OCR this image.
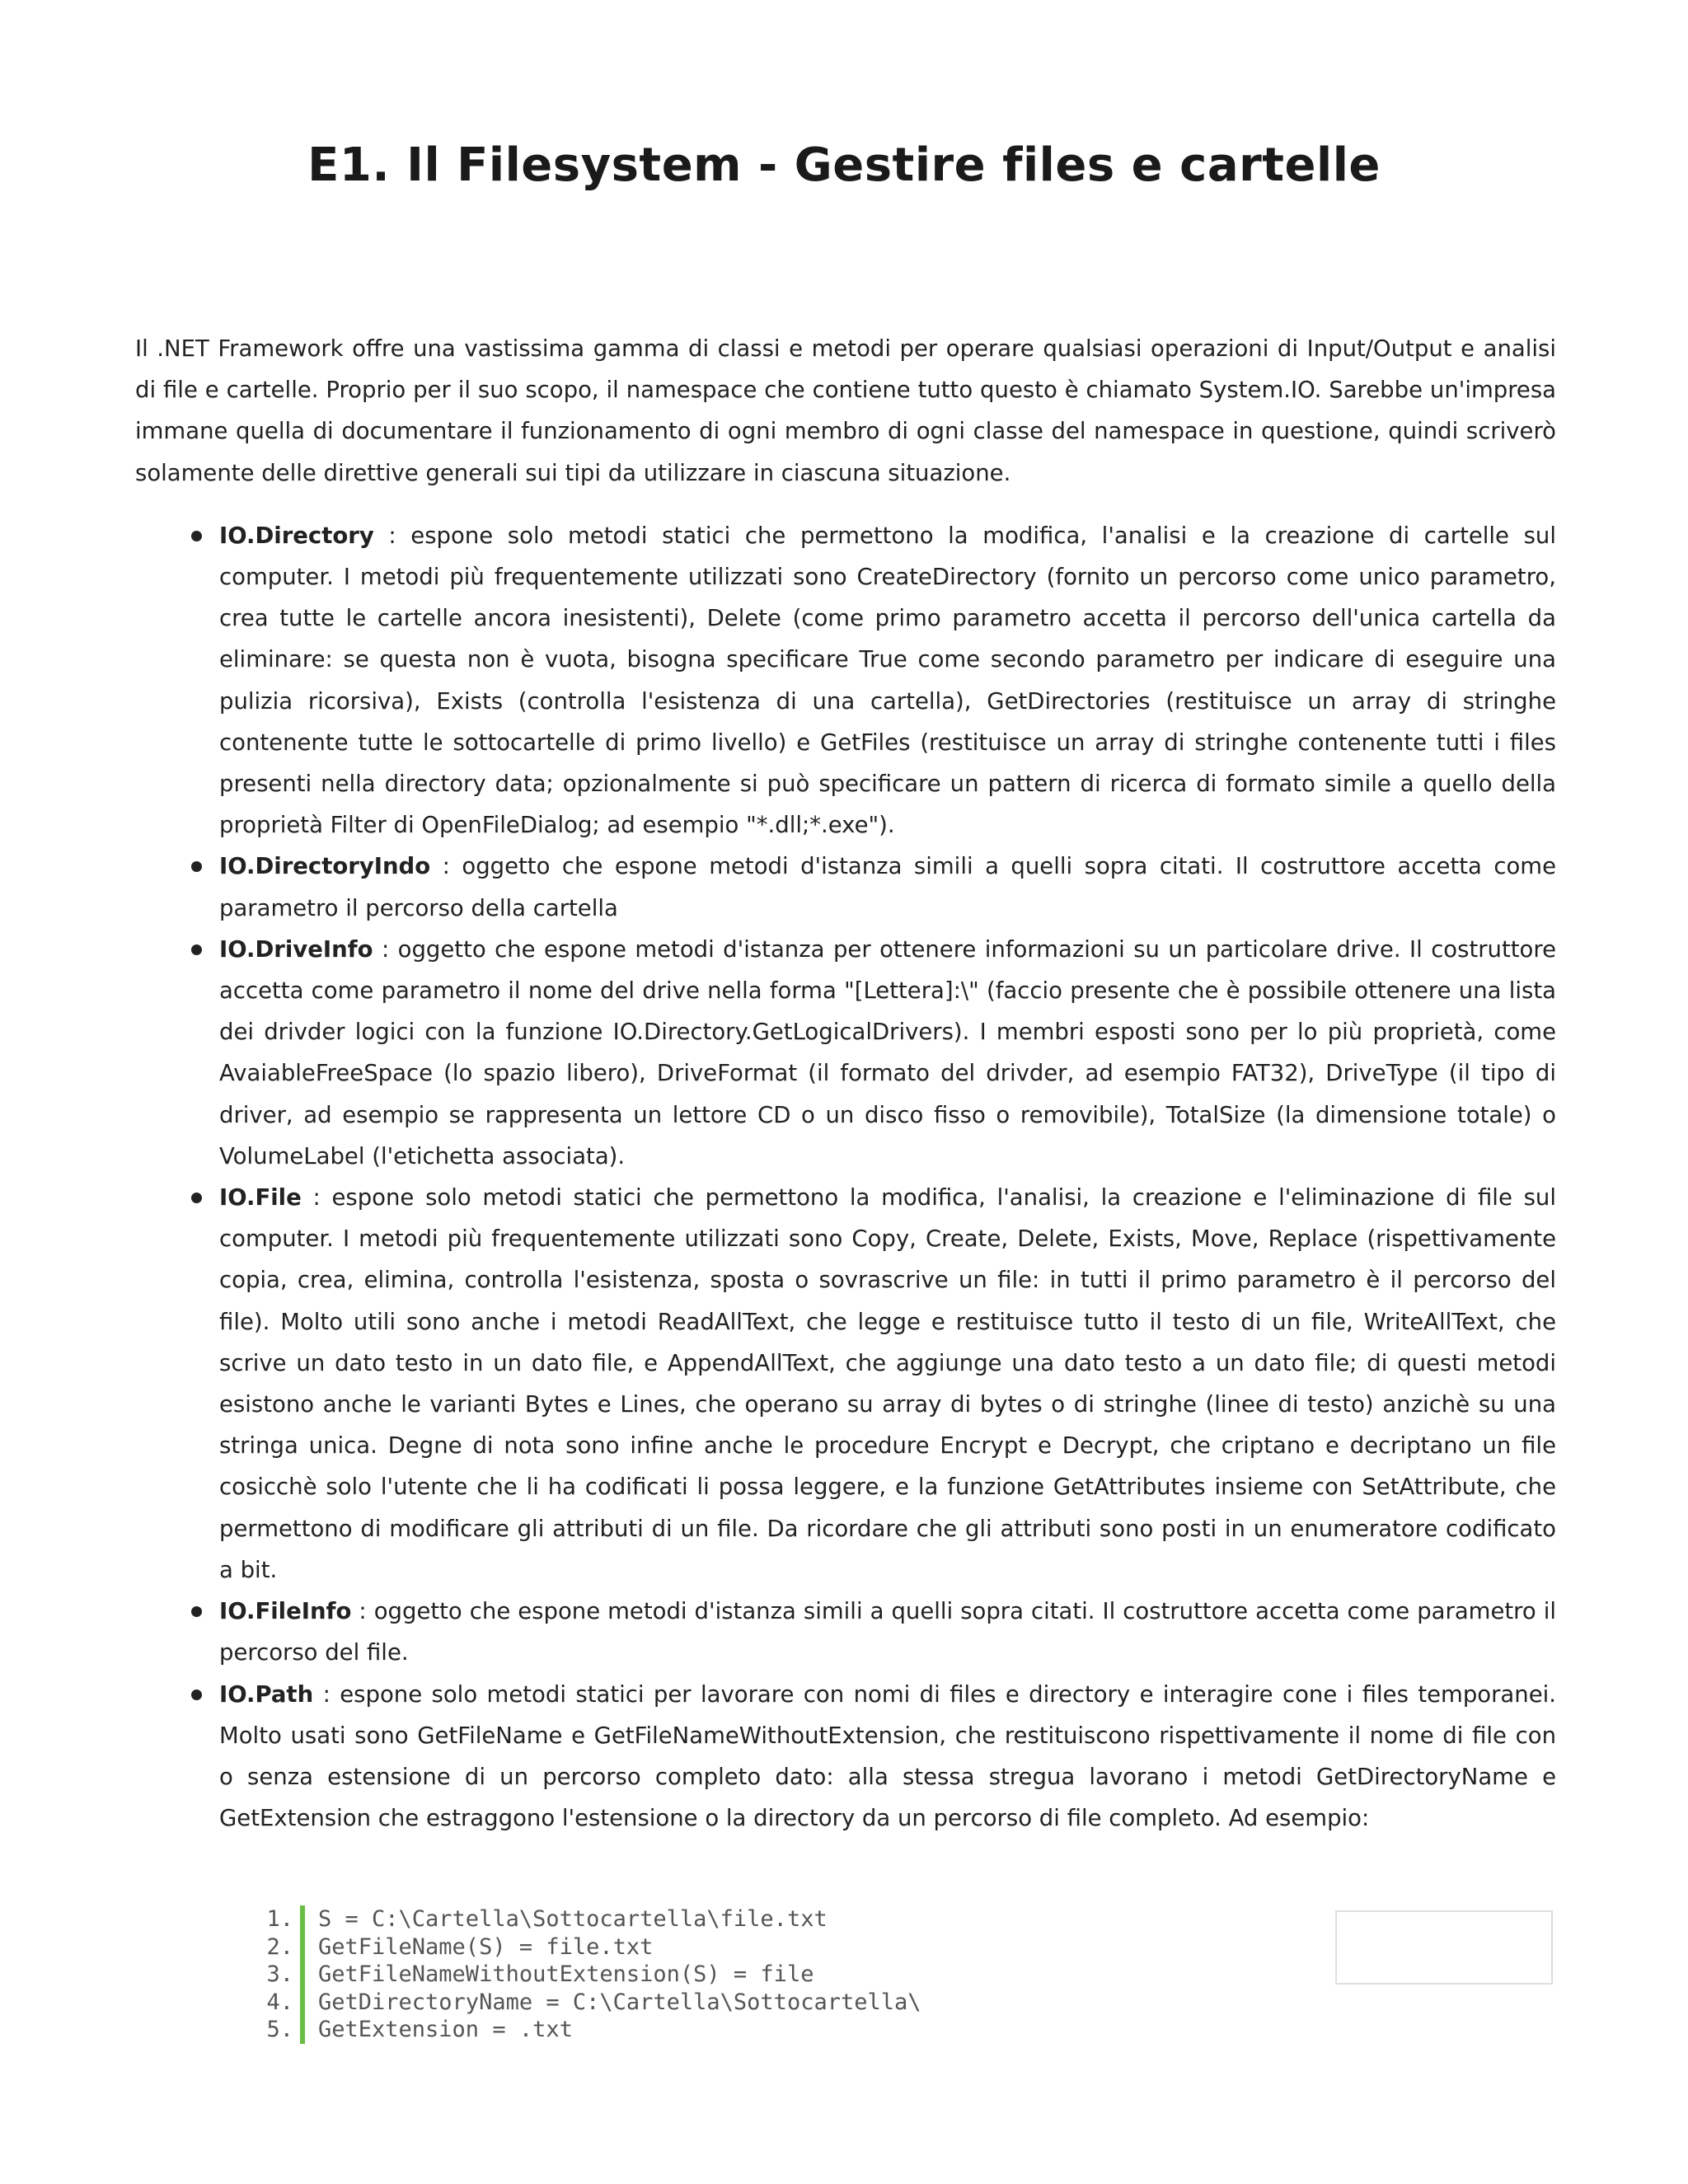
E1. Il Filesystem - Gestire files e cartelle

Il .NET Framework offre una vastissima gamma di classi e metodi per operare qualsiasi operazioni di Input/Output e analisi di file e cartelle. Proprio per il suo scopo, il namespace che contiene tutto questo è chiamato System.IO. Sarebbe un'impresa immane quella di documentare il funzionamento di ogni membro di ogni classe del namespace in questione, quindi scriverò solamente delle direttive generali sui tipi da utilizzare in ciascuna situazione.

IO.Directory : espone solo metodi statici che permettono la modifica, l'analisi e la creazione di cartelle sul computer. I metodi più frequentemente utilizzati sono CreateDirectory (fornito un percorso come unico parametro, crea tutte le cartelle ancora inesistenti), Delete (come primo parametro accetta il percorso dell'unica cartella da eliminare: se questa non è vuota, bisogna specificare True come secondo parametro per indicare di eseguire una pulizia ricorsiva), Exists (controlla l'esistenza di una cartella), GetDirectories (restituisce un array di stringhe contenente tutte le sottocartelle di primo livello) e GetFiles (restituisce un array di stringhe contenente tutti i files presenti nella directory data; opzionalmente si può specificare un pattern di ricerca di formato simile a quello della proprietà Filter di OpenFileDialog; ad esempio "*.dll;*.exe").
IO.DirectoryIndo : oggetto che espone metodi d'istanza simili a quelli sopra citati. Il costruttore accetta come parametro il percorso della cartella
IO.DriveInfo : oggetto che espone metodi d'istanza per ottenere informazioni su un particolare drive. Il costruttore accetta come parametro il nome del drive nella forma "[Lettera]:\" (faccio presente che è possibile ottenere una lista dei drivder logici con la funzione IO.Directory.GetLogicalDrivers). I membri esposti sono per lo più proprietà, come AvaiableFreeSpace (lo spazio libero), DriveFormat (il formato del drivder, ad esempio FAT32), DriveType (il tipo di driver, ad esempio se rappresenta un lettore CD o un disco fisso o removibile), TotalSize (la dimensione totale) o VolumeLabel (l'etichetta associata).
IO.File : espone solo metodi statici che permettono la modifica, l'analisi, la creazione e l'eliminazione di file sul computer. I metodi più frequentemente utilizzati sono Copy, Create, Delete, Exists, Move, Replace (rispettivamente copia, crea, elimina, controlla l'esistenza, sposta o sovrascrive un file: in tutti il primo parametro è il percorso del file). Molto utili sono anche i metodi ReadAllText, che legge e restituisce tutto il testo di un file, WriteAllText, che scrive un dato testo in un dato file, e AppendAllText, che aggiunge una dato testo a un dato file; di questi metodi esistono anche le varianti Bytes e Lines, che operano su array di bytes o di stringhe (linee di testo) anzichè su una stringa unica. Degne di nota sono infine anche le procedure Encrypt e Decrypt, che criptano e decriptano un file cosicchè solo l'utente che li ha codificati li possa leggere, e la funzione GetAttributes insieme con SetAttribute, che permettono di modificare gli attributi di un file. Da ricordare che gli attributi sono posti in un enumeratore codificato a bit.
IO.FileInfo : oggetto che espone metodi d'istanza simili a quelli sopra citati. Il costruttore accetta come parametro il percorso del file.
IO.Path : espone solo metodi statici per lavorare con nomi di files e directory e interagire cone i files temporanei. Molto usati sono GetFileName e GetFileNameWithoutExtension, che restituiscono rispettivamente il nome di file con o senza estensione di un percorso completo dato: alla stessa stregua lavorano i metodi GetDirectoryName e GetExtension che estraggono l'estensione o la directory da un percorso di file completo. Ad esempio:
1.	S = C:\Cartella\Sottocartella\file.txt
2.	GetFileName(S) = file.txt
3.	GetFileNameWithoutExtension(S) = file
4.	GetDirectoryName = C:\Cartella\Sottocartella\
5.	GetExtension = .txt
